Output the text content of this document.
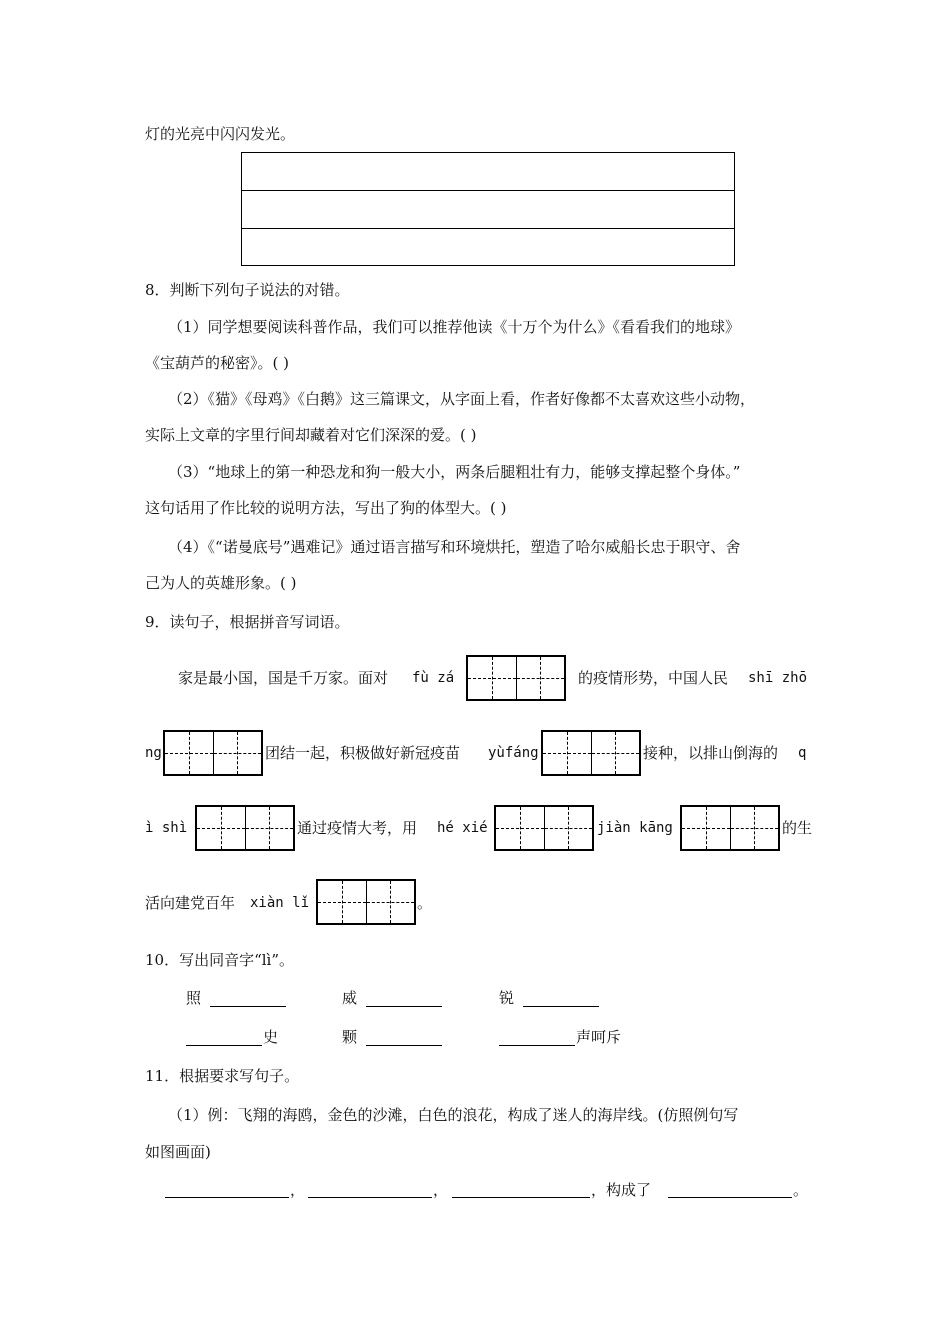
灯的光亮中闪闪发光。
8．判断下列句子说法的对错。
（1）同学想要阅读科普作品，我们可以推荐他读《十万个为什么》《看看我们的地球》
《宝葫芦的秘密》。( )
（2）《猫》《母鸡》《白鹅》这三篇课文，从字面上看，作者好像都不太喜欢这些小动物，
实际上文章的字里行间却藏着对它们深深的爱。( )
（3）“地球上的第一种恐龙和狗一般大小，两条后腿粗壮有力，能够支撑起整个身体。”
这句话用了作比较的说明方法，写出了狗的体型大。( )
（4）《“诺曼底号”遇难记》通过语言描写和环境烘托，塑造了哈尔威船长忠于职守、舍
己为人的英雄形象。( )
9．读句子，根据拼音写词语。
家是最小国，国是千万家。面对 fù zá	的疫情形势，中国人民 shī zhō
ng	团结一起，积极做好新冠疫苗 yùfáng	接种，以排山倒海的 q
ì shì	通过疫情大考，用 hé xié	jiàn kāng	的生
活向建党百年 xiàn lǐ	。
10．写出同音字“lì”。
照	威	锐
史	颗	声呵斥
11．根据要求写句子。
（1）例：飞翔的海鸥，金色的沙滩，白色的浪花，构成了迷人的海岸线。(仿照例句写
如图画面)
，	，	，构成了	。
